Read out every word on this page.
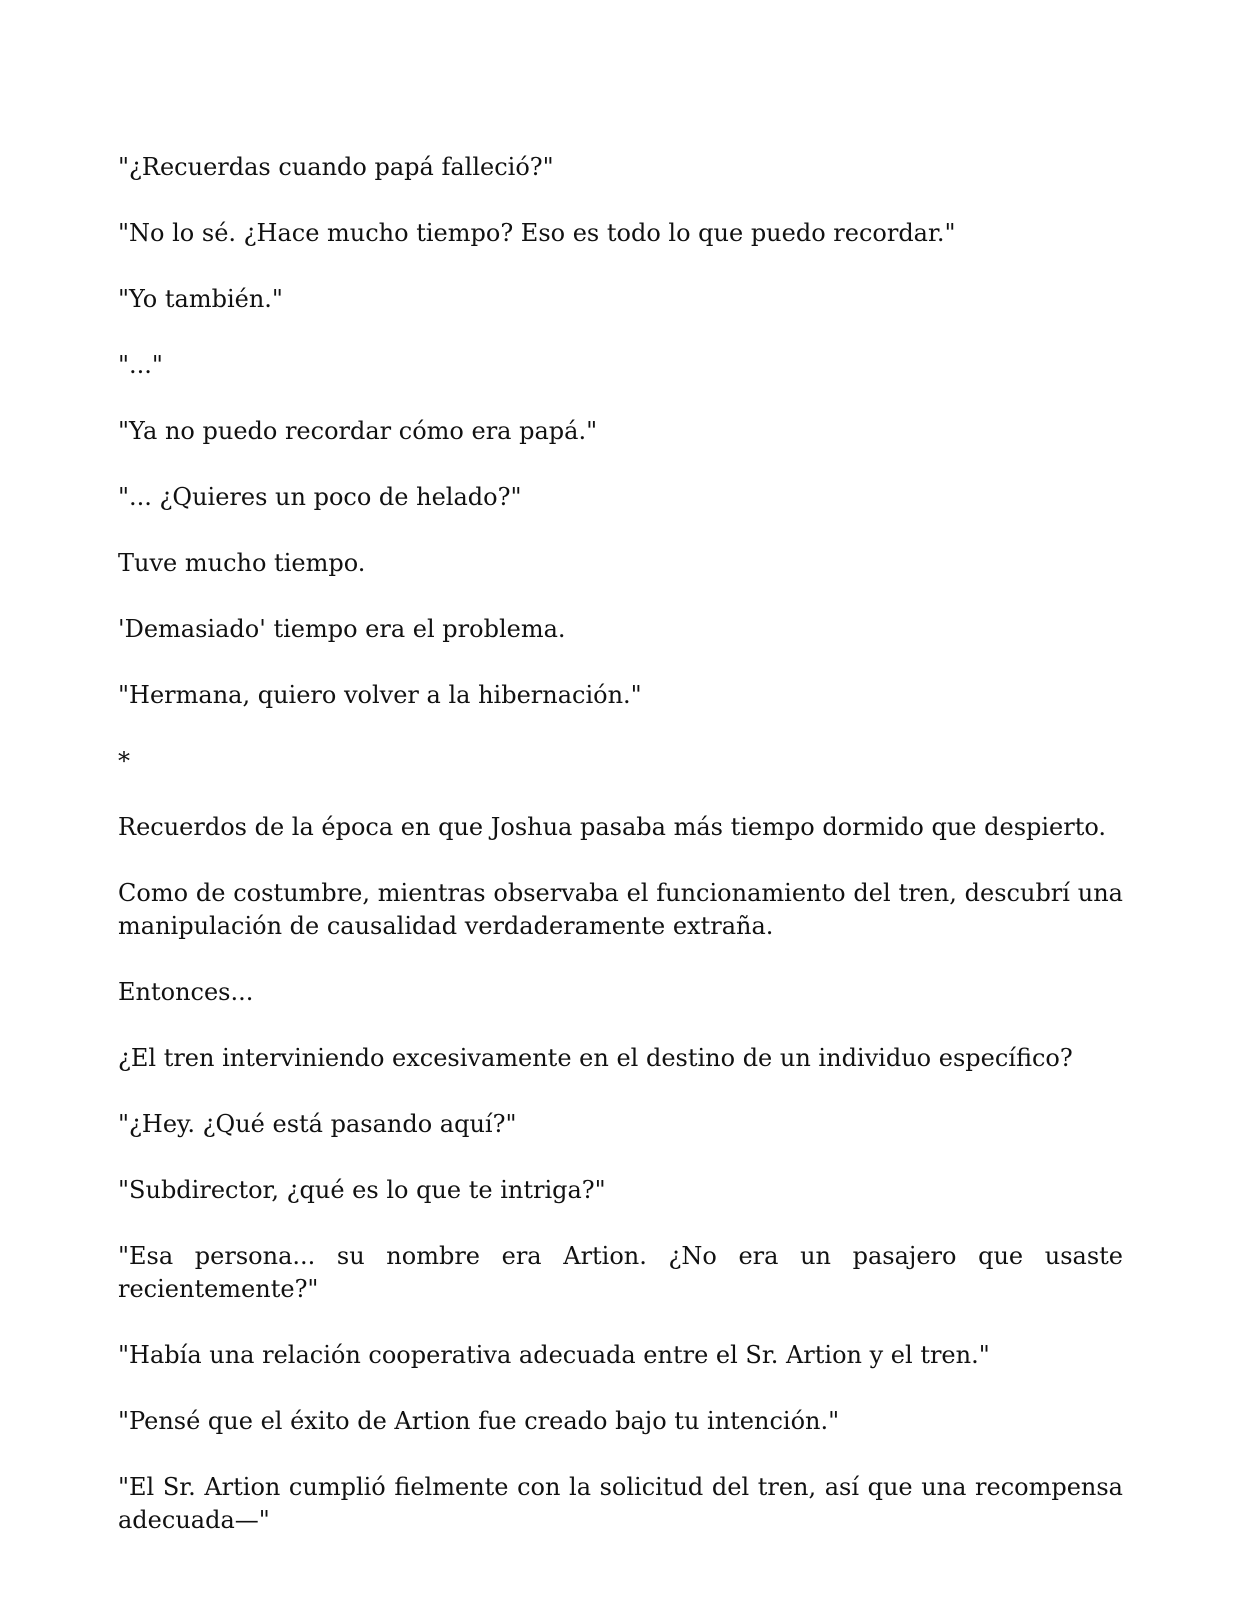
"¿Recuerdas cuando papá falleció?"

"No lo sé. ¿Hace mucho tiempo? Eso es todo lo que puedo recordar."

"Yo también."

"..."

"Ya no puedo recordar cómo era papá."

"... ¿Quieres un poco de helado?"

Tuve mucho tiempo.

'Demasiado' tiempo era el problema.

"Hermana, quiero volver a la hibernación."

*

Recuerdos de la época en que Joshua pasaba más tiempo dormido que despierto.

Como de costumbre, mientras observaba el funcionamiento del tren, descubrí una manipulación de causalidad verdaderamente extraña.

Entonces...

¿El tren interviniendo excesivamente en el destino de un individuo específico?

"¿Hey. ¿Qué está pasando aquí?"

"Subdirector, ¿qué es lo que te intriga?"

"Esa persona... su nombre era Artion. ¿No era un pasajero que usaste recientemente?"

"Había una relación cooperativa adecuada entre el Sr. Artion y el tren."

"Pensé que el éxito de Artion fue creado bajo tu intención."

"El Sr. Artion cumplió fielmente con la solicitud del tren, así que una recompensa adecuada—"
